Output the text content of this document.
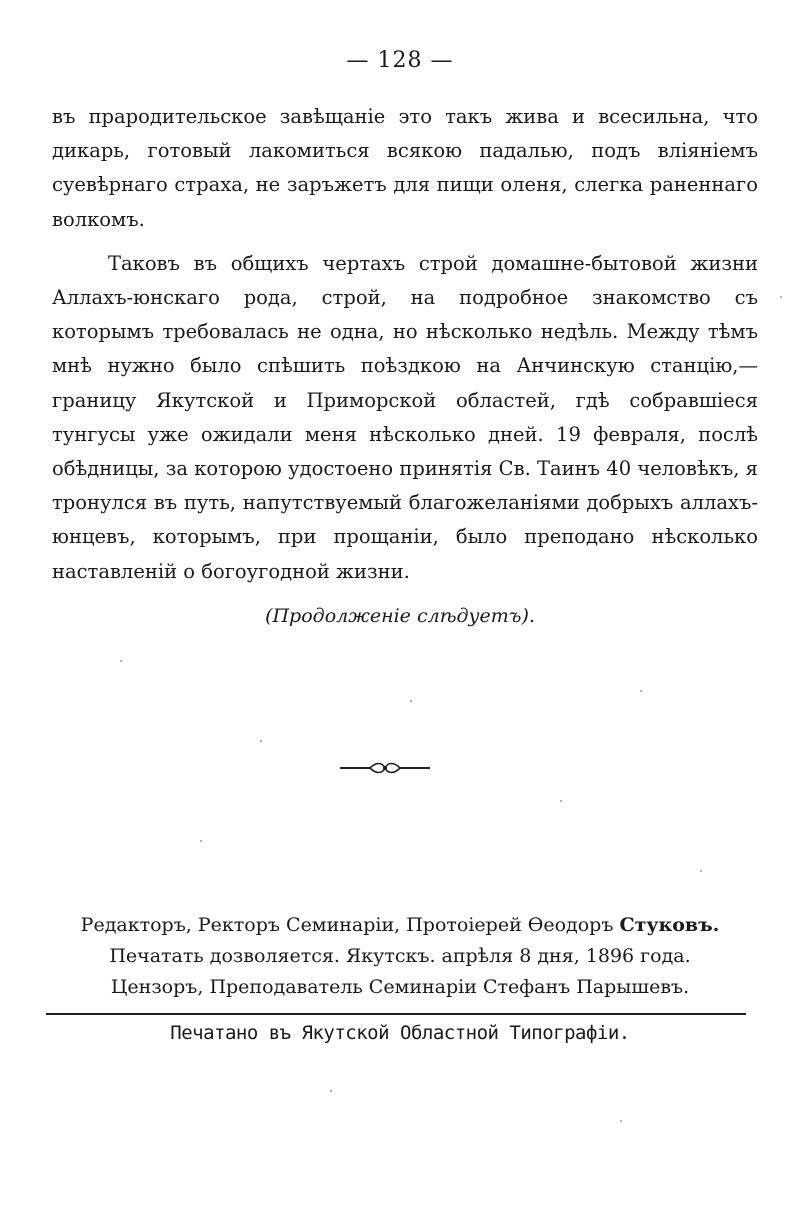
— 128 —

въ прародительское завѣщаніе это такъ жива и всесильна, что дикарь, готовый лакомиться всякою падалью, подъ вліяніемъ суевѣрнаго страха, не заръжетъ для пищи оленя, слегка раненнаго волкомъ.

Таковъ въ общихъ чертахъ строй домашне-бытовой жизни Аллахъ-юнскаго рода, строй, на подробное знакомство съ которымъ требовалась не одна, но нѣсколько недѣль. Между тѣмъ мнѣ нужно было спѣшить поѣздкою на Анчинскую станцію,— границу Якутской и Приморской областей, гдѣ собравшіеся тунгусы уже ожидали меня нѣсколько дней. 19 февраля, послѣ обѣдницы, за которою удостоено принятія Св. Таинъ 40 человѣкъ, я тронулся въ путь, напутствуемый благожеланіями добрыхъ аллахъ-юнцевъ, которымъ, при прощаніи, было преподано нѣсколько наставленій о богоугодной жизни.

(Продолженіе слѣдуетъ).
Редакторъ, Ректоръ Семинаріи, Протоіерей Ѳеодоръ Стуковъ.
Печатать дозволяется. Якутскъ. апрѣля 8 дня, 1896 года.
Цензоръ, Преподаватель Семинаріи Стефанъ Парышевъ.
Печатано въ Якутской Областной Типографіи.
